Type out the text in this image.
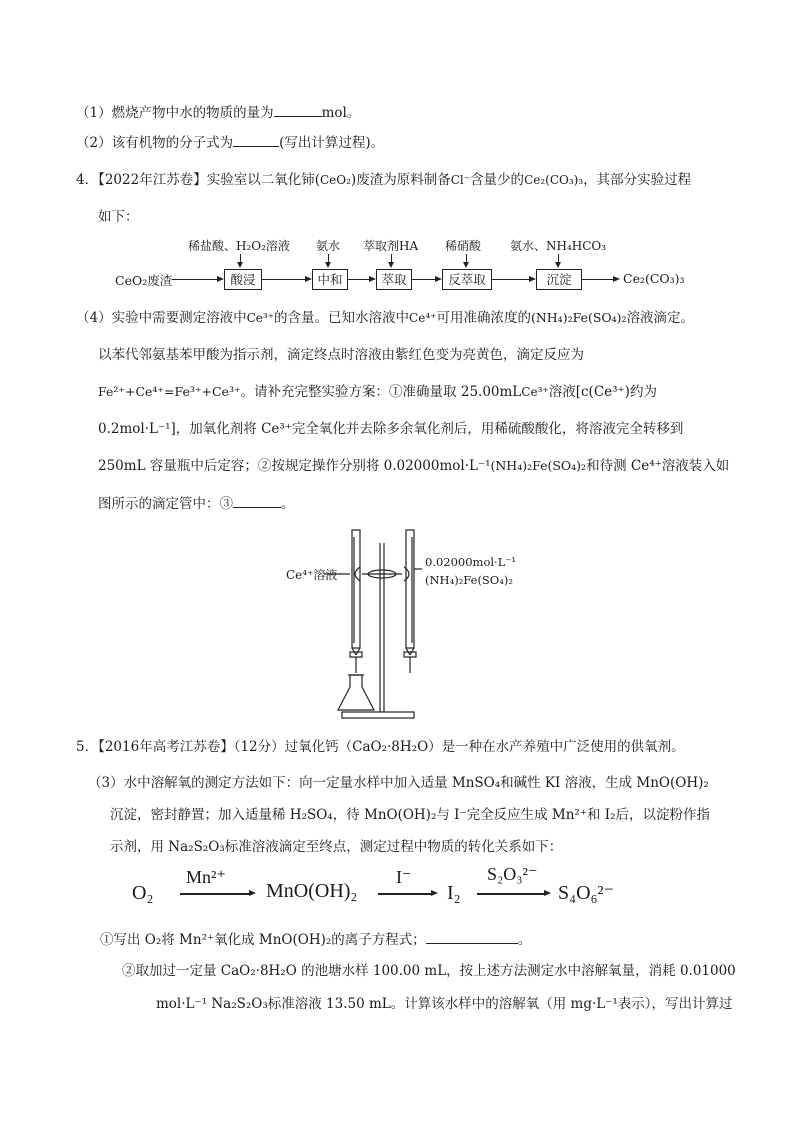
（1）燃烧产物中水的物质的量为	mol。
（2）该有机物的分子式为	(写出计算过程)。
4．【2022年江苏卷】实验室以二氧化铈(CeO₂)废渣为原料制备Cl⁻含量少的Ce₂(CO₃)₃，其部分实验过程
如下：
稀盐酸、H₂O₂溶液 氨水 萃取剂HA 稀硝酸 氨水、NH₄HCO₃
CeO₂废渣	酸浸	中和	萃取	反萃取	沉淀	Ce₂(CO₃)₃
（4）实验中需要测定溶液中Ce³⁺的含量。已知水溶液中Ce⁴⁺可用准确浓度的(NH₄)₂Fe(SO₄)₂溶液滴定。
以苯代邻氨基苯甲酸为指示剂，滴定终点时溶液由紫红色变为亮黄色，滴定反应为
Fe²⁺+Ce⁴⁺=Fe³⁺+Ce³⁺。请补充完整实验方案：①准确量取 25.00mLCe³⁺溶液[c(Ce³⁺)约为
0.2mol·L⁻¹]，加氧化剂将 Ce³⁺完全氧化并去除多余氧化剂后，用稀硫酸酸化，将溶液完全转移到
250mL 容量瓶中后定容；②按规定操作分别将 0.02000mol·L⁻¹(NH₄)₂Fe(SO₄)₂和待测 Ce⁴⁺溶液装入如
图所示的滴定管中：③	。
Ce⁴⁺溶液
0.02000mol·L⁻¹
(NH₄)₂Fe(SO₄)₂
5．【2016年高考江苏卷】（12分）过氧化钙（CaO₂·8H₂O）是一种在水产养殖中广泛使用的供氧剂。
（3）水中溶解氧的测定方法如下：向一定量水样中加入适量 MnSO₄和碱性 KI 溶液，生成 MnO(OH)₂
沉淀，密封静置；加入适量稀 H₂SO₄，待 MnO(OH)₂与 I⁻完全反应生成 Mn²⁺和 I₂后，以淀粉作指
示剂，用 Na₂S₂O₃标准溶液滴定至终点，测定过程中物质的转化关系如下：
O₂
Mn²⁺
MnO(OH)₂
I⁻
I₂
S₂O₃²⁻
S₄O₆²⁻
①写出 O₂将 Mn²⁺氧化成 MnO(OH)₂的离子方程式；	。
②取加过一定量 CaO₂·8H₂O 的池塘水样 100.00 mL，按上述方法测定水中溶解氧量，消耗 0.01000
mol·L⁻¹ Na₂S₂O₃标准溶液 13.50 mL。计算该水样中的溶解氧（用 mg·L⁻¹表示），写出计算过
